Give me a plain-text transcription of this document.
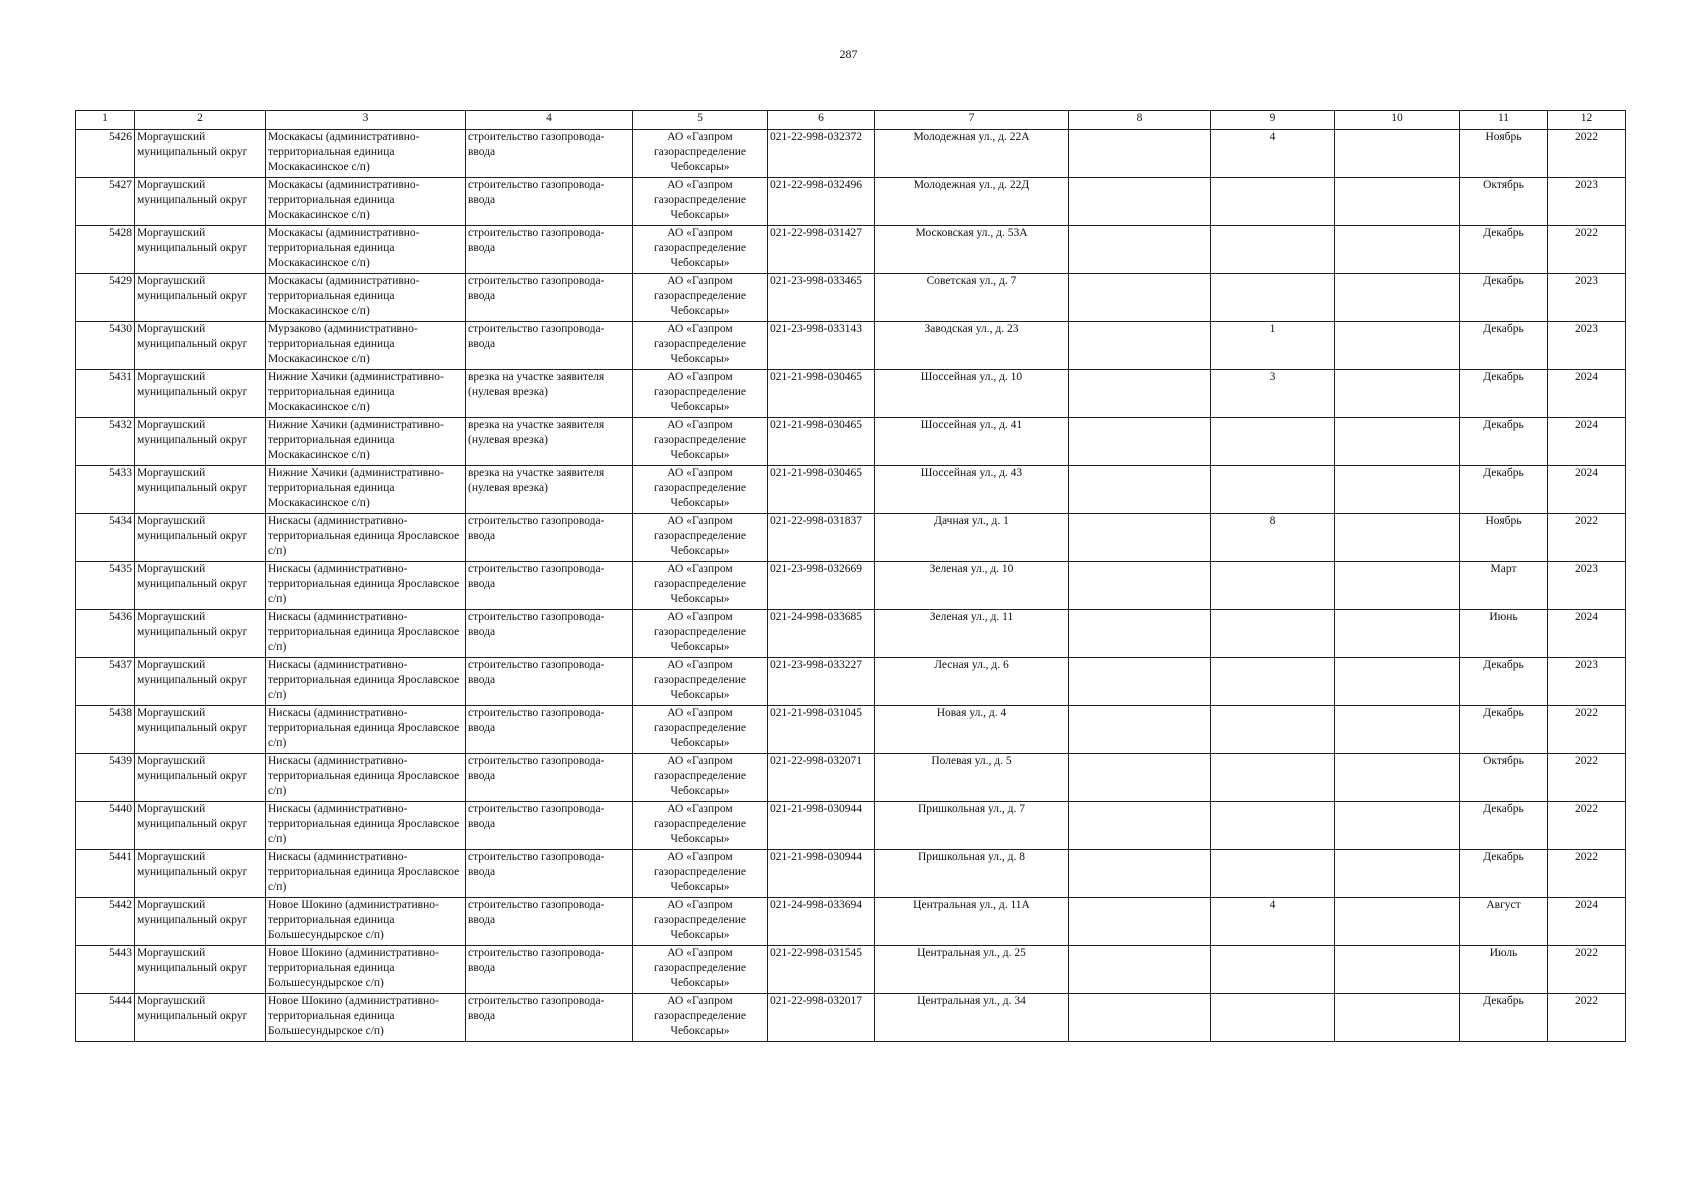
287
1	2	3	4	5	6	7	8	9	10	11	12
5426	Моргаушский муниципальный округ	Москакасы (административно-территориальная единица Москакасинское с/п)	строительство газопровода-ввода	АО «Газпром газораспределение Чебоксары»	021-22-998-032372	Молодежная ул., д. 22А		4		Ноябрь	2022
5427	Моргаушский муниципальный округ	Москакасы (административно-территориальная единица Москакасинское с/п)	строительство газопровода-ввода	АО «Газпром газораспределение Чебоксары»	021-22-998-032496	Молодежная ул., д. 22Д				Октябрь	2023
5428	Моргаушский муниципальный округ	Москакасы (административно-территориальная единица Москакасинское с/п)	строительство газопровода-ввода	АО «Газпром газораспределение Чебоксары»	021-22-998-031427	Московская ул., д. 53А				Декабрь	2022
5429	Моргаушский муниципальный округ	Москакасы (административно-территориальная единица Москакасинское с/п)	строительство газопровода-ввода	АО «Газпром газораспределение Чебоксары»	021-23-998-033465	Советская ул., д. 7				Декабрь	2023
5430	Моргаушский муниципальный округ	Мурзаково (административно-территориальная единица Москакасинское с/п)	строительство газопровода-ввода	АО «Газпром газораспределение Чебоксары»	021-23-998-033143	Заводская ул., д. 23		1		Декабрь	2023
5431	Моргаушский муниципальный округ	Нижние Хачики (административно-территориальная единица Москакасинское с/п)	врезка на участке заявителя (нулевая врезка)	АО «Газпром газораспределение Чебоксары»	021-21-998-030465	Шоссейная ул., д. 10		3		Декабрь	2024
5432	Моргаушский муниципальный округ	Нижние Хачики (административно-территориальная единица Москакасинское с/п)	врезка на участке заявителя (нулевая врезка)	АО «Газпром газораспределение Чебоксары»	021-21-998-030465	Шоссейная ул., д. 41				Декабрь	2024
5433	Моргаушский муниципальный округ	Нижние Хачики (административно-территориальная единица Москакасинское с/п)	врезка на участке заявителя (нулевая врезка)	АО «Газпром газораспределение Чебоксары»	021-21-998-030465	Шоссейная ул., д. 43				Декабрь	2024
5434	Моргаушский муниципальный округ	Нискасы (административно-территориальная единица Ярославское с/п)	строительство газопровода-ввода	АО «Газпром газораспределение Чебоксары»	021-22-998-031837	Дачная ул., д. 1		8		Ноябрь	2022
5435	Моргаушский муниципальный округ	Нискасы (административно-территориальная единица Ярославское с/п)	строительство газопровода-ввода	АО «Газпром газораспределение Чебоксары»	021-23-998-032669	Зеленая ул., д. 10				Март	2023
5436	Моргаушский муниципальный округ	Нискасы (административно-территориальная единица Ярославское с/п)	строительство газопровода-ввода	АО «Газпром газораспределение Чебоксары»	021-24-998-033685	Зеленая ул., д. 11				Июнь	2024
5437	Моргаушский муниципальный округ	Нискасы (административно-территориальная единица Ярославское с/п)	строительство газопровода-ввода	АО «Газпром газораспределение Чебоксары»	021-23-998-033227	Лесная ул., д. 6				Декабрь	2023
5438	Моргаушский муниципальный округ	Нискасы (административно-территориальная единица Ярославское с/п)	строительство газопровода-ввода	АО «Газпром газораспределение Чебоксары»	021-21-998-031045	Новая ул., д. 4				Декабрь	2022
5439	Моргаушский муниципальный округ	Нискасы (административно-территориальная единица Ярославское с/п)	строительство газопровода-ввода	АО «Газпром газораспределение Чебоксары»	021-22-998-032071	Полевая ул., д. 5				Октябрь	2022
5440	Моргаушский муниципальный округ	Нискасы (административно-территориальная единица Ярославское с/п)	строительство газопровода-ввода	АО «Газпром газораспределение Чебоксары»	021-21-998-030944	Пришкольная ул., д. 7				Декабрь	2022
5441	Моргаушский муниципальный округ	Нискасы (административно-территориальная единица Ярославское с/п)	строительство газопровода-ввода	АО «Газпром газораспределение Чебоксары»	021-21-998-030944	Пришкольная ул., д. 8				Декабрь	2022
5442	Моргаушский муниципальный округ	Новое Шокино (административно-территориальная единица Большесундырское с/п)	строительство газопровода-ввода	АО «Газпром газораспределение Чебоксары»	021-24-998-033694	Центральная ул., д. 11А		4		Август	2024
5443	Моргаушский муниципальный округ	Новое Шокино (административно-территориальная единица Большесундырское с/п)	строительство газопровода-ввода	АО «Газпром газораспределение Чебоксары»	021-22-998-031545	Центральная ул., д. 25				Июль	2022
5444	Моргаушский муниципальный округ	Новое Шокино (административно-территориальная единица Большесундырское с/п)	строительство газопровода-ввода	АО «Газпром газораспределение Чебоксары»	021-22-998-032017	Центральная ул., д. 34				Декабрь	2022
